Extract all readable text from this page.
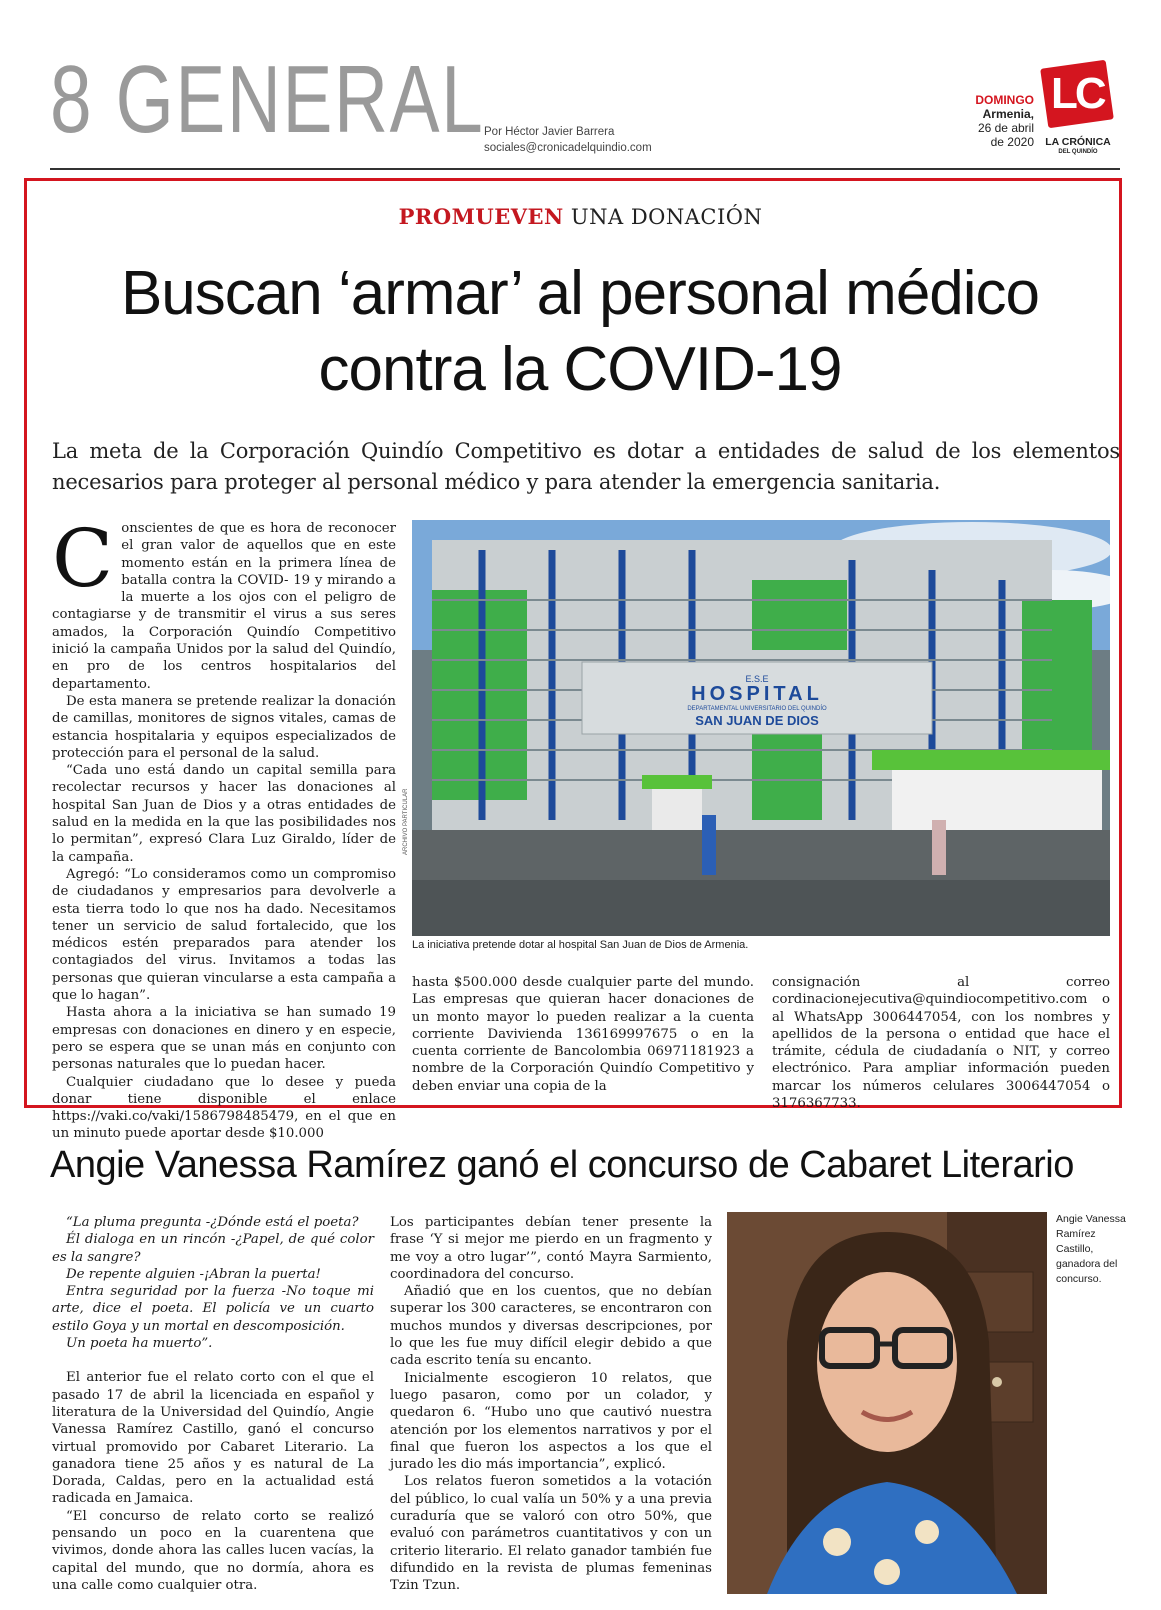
8 GENERAL Por Héctor Javier Barrera
sociales@cronicadelquindio.com
DOMINGO
Armenia,
26 de abril
de 2020
LC
LA CRÓNICA
DEL QUINDÍO
PROMUEVEN UNA DONACIÓN
Buscan ‘armar’ al personal médico
contra la COVID-19
La meta de la Corporación Quindío Competitivo es dotar a entidades de salud de los elementos necesarios para proteger al personal médico y para atender la emergencia sanitaria.

Conscientes de que es hora de reconocer el gran valor de aquellos que en este momento están en la primera línea de batalla contra la COVID- 19 y mirando a la muerte a los ojos con el peligro de contagiarse y de transmitir el virus a sus seres amados, la Corporación Quindío Competitivo inició la campaña Unidos por la salud del Quindío, en pro de los centros hospitalarios del departamento.

De esta manera se pretende realizar la donación de camillas, monitores de signos vitales, camas de estancia hospitalaria y equipos especializados de protección para el personal de la salud.

“Cada uno está dando un capital semilla para recolectar recursos y hacer las donaciones al hospital San Juan de Dios y a otras entidades de salud en la medida en la que las posibilidades nos lo permitan”, expresó Clara Luz Giraldo, líder de la campaña.

Agregó: “Lo consideramos como un compromiso de ciudadanos y empresarios para devolverle a esta tierra todo lo que nos ha dado. Necesitamos tener un servicio de salud fortalecido, que los médicos estén preparados para atender los contagiados del virus. Invitamos a todas las personas que quieran vincularse a esta campaña a que lo hagan”.

Hasta ahora a la iniciativa se han sumado 19 empresas con donaciones en dinero y en especie, pero se espera que se unan más en conjunto con personas naturales que lo puedan hacer.

Cualquier ciudadano que lo desee y pueda donar tiene disponible el enlace https://vaki.co/vaki/1586798485479, en el que en un minuto puede aportar desde $10.000

E.S.E
HOSPITAL
DEPARTAMENTAL UNIVERSITARIO DEL QUINDÍO
SAN JUAN DE DIOS
ARCHIVO PARTICULAR
La iniciativa pretende dotar al hospital San Juan de Dios de Armenia.

hasta $500.000 desde cualquier parte del mundo. Las empresas que quieran hacer donaciones de un monto mayor lo pueden realizar a la cuenta corriente Davivienda 136169997675 o en la cuenta corriente de Bancolombia 06971181923 a nombre de la Corporación Quindío Competitivo y deben enviar una copia de la

consignación al correo cordinacionejecutiva@quindiocompetitivo.com o al WhatsApp 3006447054, con los nombres y apellidos de la persona o entidad que hace el trámite, cédula de ciudadanía o NIT, y correo electrónico. Para ampliar información pueden marcar los números celulares 3006447054 o 3176367733.

Angie Vanessa Ramírez ganó el concurso de Cabaret Literario

“La pluma pregunta -¿Dónde está el poeta?

Él dialoga en un rincón -¿Papel, de qué color es la sangre?

De repente alguien -¡Abran la puerta!

Entra seguridad por la fuerza -No toque mi arte, dice el poeta. El policía ve un cuarto estilo Goya y un mortal en descomposición.

Un poeta ha muerto”.

El anterior fue el relato corto con el que el pasado 17 de abril la licenciada en español y literatura de la Universidad del Quindío, Angie Vanessa Ramírez Castillo, ganó el concurso virtual promovido por Cabaret Literario. La ganadora tiene 25 años y es natural de La Dorada, Caldas, pero en la actualidad está radicada en Jamaica.

“El concurso de relato corto se realizó pensando un poco en la cuarentena que vivimos, donde ahora las calles lucen vacías, la capital del mundo, que no dormía, ahora es una calle como cualquier otra.

Los participantes debían tener presente la frase ‘Y si mejor me pierdo en un fragmento y me voy a otro lugar’”, contó Mayra Sarmiento, coordinadora del concurso.

Añadió que en los cuentos, que no debían superar los 300 caracteres, se encontraron con muchos mundos y diversas descripciones, por lo que les fue muy difícil elegir debido a que cada escrito tenía su encanto.

Inicialmente escogieron 10 relatos, que luego pasaron, como por un colador, y quedaron 6. “Hubo uno que cautivó nuestra atención por los elementos narrativos y por el final que fueron los aspectos a los que el jurado les dio más importancia”, explicó.

Los relatos fueron sometidos a la votación del público, lo cual valía un 50% y a una previa curaduría que se valoró con otro 50%, que evaluó con parámetros cuantitativos y con un criterio literario. El relato ganador también fue difundido en la revista de plumas femeninas Tzin Tzun.

Angie Vanessa Ramírez Castillo, ganadora del concurso.
